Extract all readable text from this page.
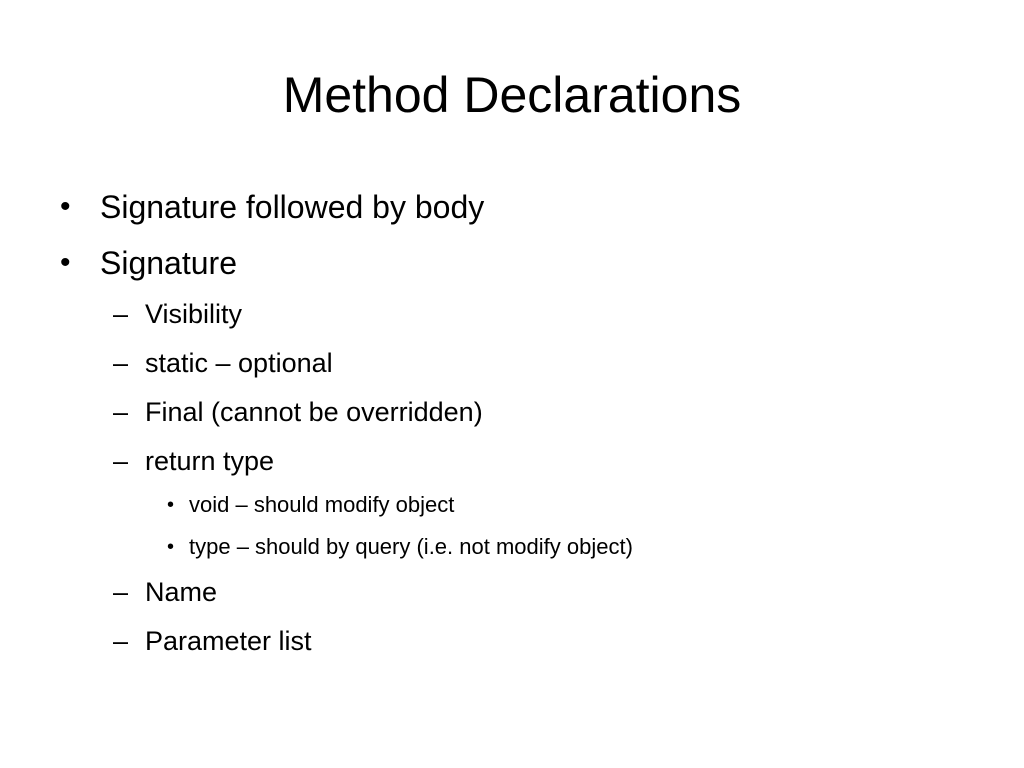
Method Declarations
• Signature followed by body
• Signature
– Visibility
– static – optional
– Final (cannot be overridden)
– return type
• void – should modify object
• type – should by query (i.e. not modify object)
– Name
– Parameter list
